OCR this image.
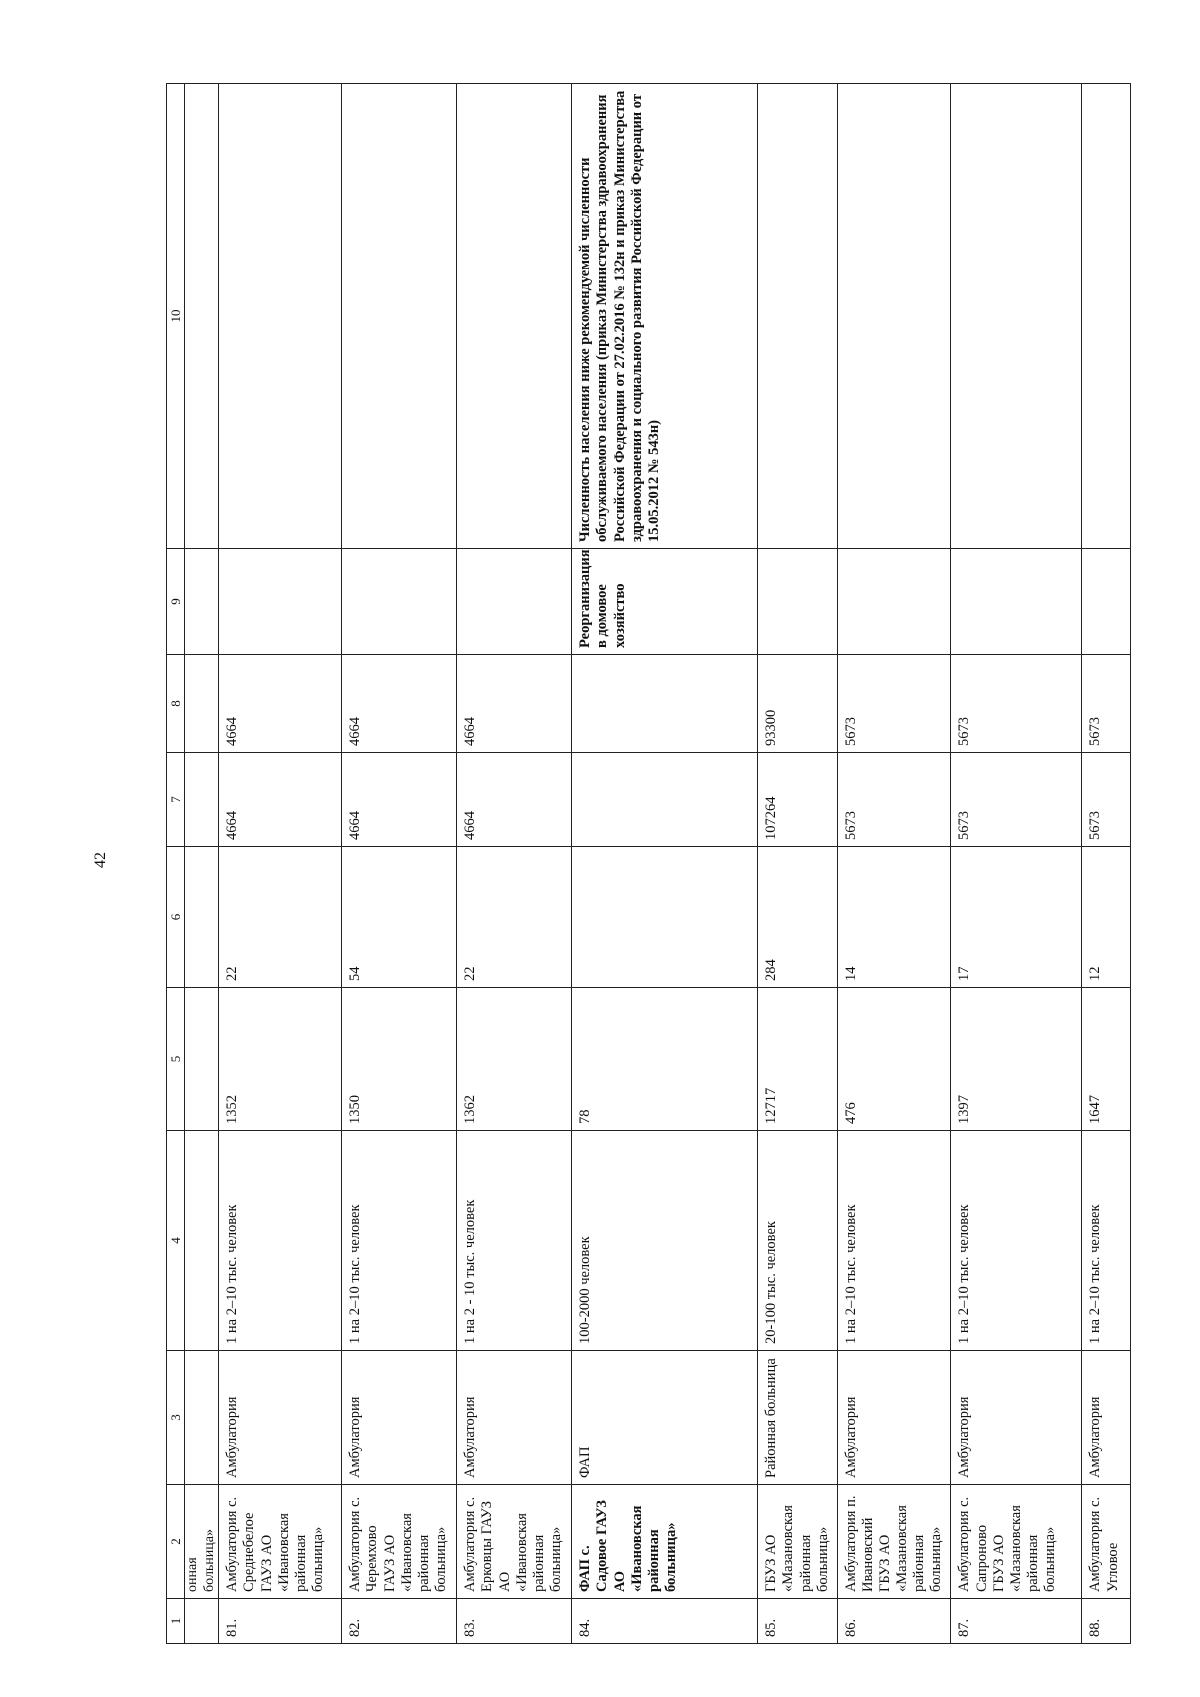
42
1	2	3	4	5	6	7	8	9	10
	онная больница»								
81.	Амбулатория с. Среднебелое ГАУЗ АО «Ивановская районная больница»	Амбулатория	1 на 2–10 тыс. человек	1352	22	4664	4664		
82.	Амбулатория с. Черемхово ГАУЗ АО «Ивановская районная больница»	Амбулатория	1 на 2–10 тыс. человек	1350	54	4664	4664		
83.	Амбулатория с. Ерковцы ГАУЗ АО «Ивановская районная больница»	Амбулатория	1 на 2 - 10 тыс. человек	1362	22	4664	4664		
84.	ФАП с. Садовое ГАУЗ АО «Ивановская районная больница»	ФАП	100-2000 человек	78				Реорганизация в домовое хозяйство	Численность населения ниже рекомендуемой численности обслуживаемого населения (приказ Министерства здравоохранения Российской Федерации от 27.02.2016 № 132н и приказ Министерства здравоохранения и социального развития Российской Федерации от 15.05.2012 № 543н)
85.	ГБУЗ АО «Мазановская районная больница»	Районная больница	20-100 тыс. человек	12717	284	107264	93300		
86.	Амбулатория п. Ивановский ГБУЗ АО «Мазановская районная больница»	Амбулатория	1 на 2–10 тыс. человек	476	14	5673	5673		
87.	Амбулатория с. Сапроново ГБУЗ АО «Мазановская районная больница»	Амбулатория	1 на 2–10 тыс. человек	1397	17	5673	5673		
88.	Амбулатория с. Угловое	Амбулатория	1 на 2–10 тыс. человек	1647	12	5673	5673		
